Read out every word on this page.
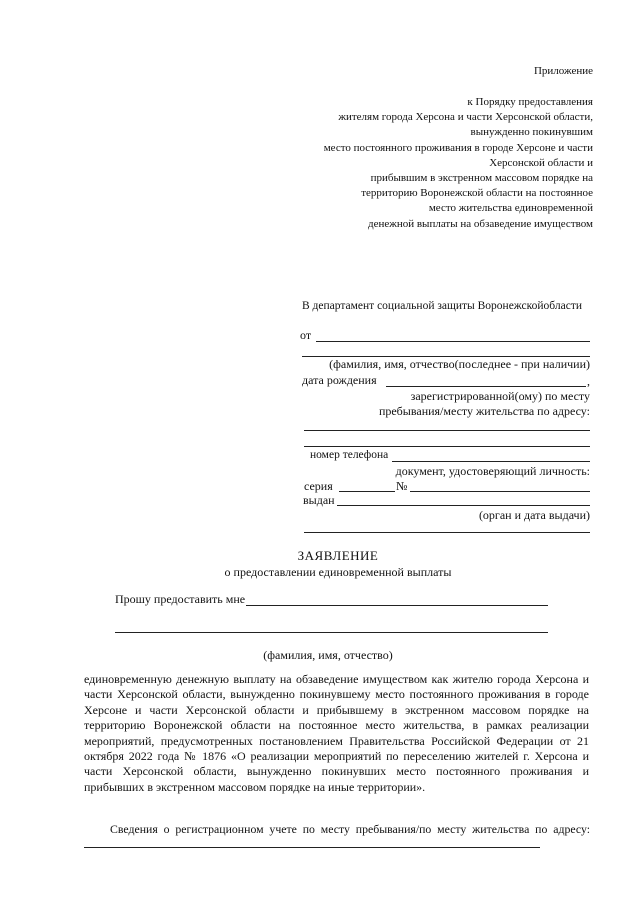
Приложение
к Порядку предоставления
жителям города Херсона и части Херсонской области,
вынужденно покинувшим
место постоянного проживания в городе Херсоне и части
Херсонской области и
прибывшим в экстренном массовом порядке на
территорию Воронежской области на постоянное
место жительства единовременной
денежной выплаты на обзаведение имуществом
В департамент социальной защиты Воронежскойобласти
от
(фамилия, имя, отчество(последнее - при наличии)
дата рождения	,
зарегистрированной(ому) по месту
пребывания/месту жительства по адресу:
номер телефона
документ, удостоверяющий личность:
серия	№
выдан
(орган и дата выдачи)
ЗАЯВЛЕНИЕ
о предоставлении единовременной выплаты
Прошу предоставить мне
(фамилия, имя, отчество)
единовременную денежную выплату на обзаведение имуществом как жителю города Херсона и части Херсонской области, вынужденно покинувшему место постоянного проживания в городе Херсоне и части Херсонской области и прибывшему в экстренном массовом порядке на территорию Воронежской области на постоянное место жительства, в рамках реализации мероприятий, предусмотренных постановлением Правительства Российской Федерации от 21 октября 2022 года № 1876 «О реализации мероприятий по переселению жителей г. Херсона и части Херсонской области, вынужденно покинувших место постоянного проживания и прибывших в экстренном массовом порядке на иные территории».
Сведения о регистрационном учете по месту пребывания/по месту жительства по адресу:
